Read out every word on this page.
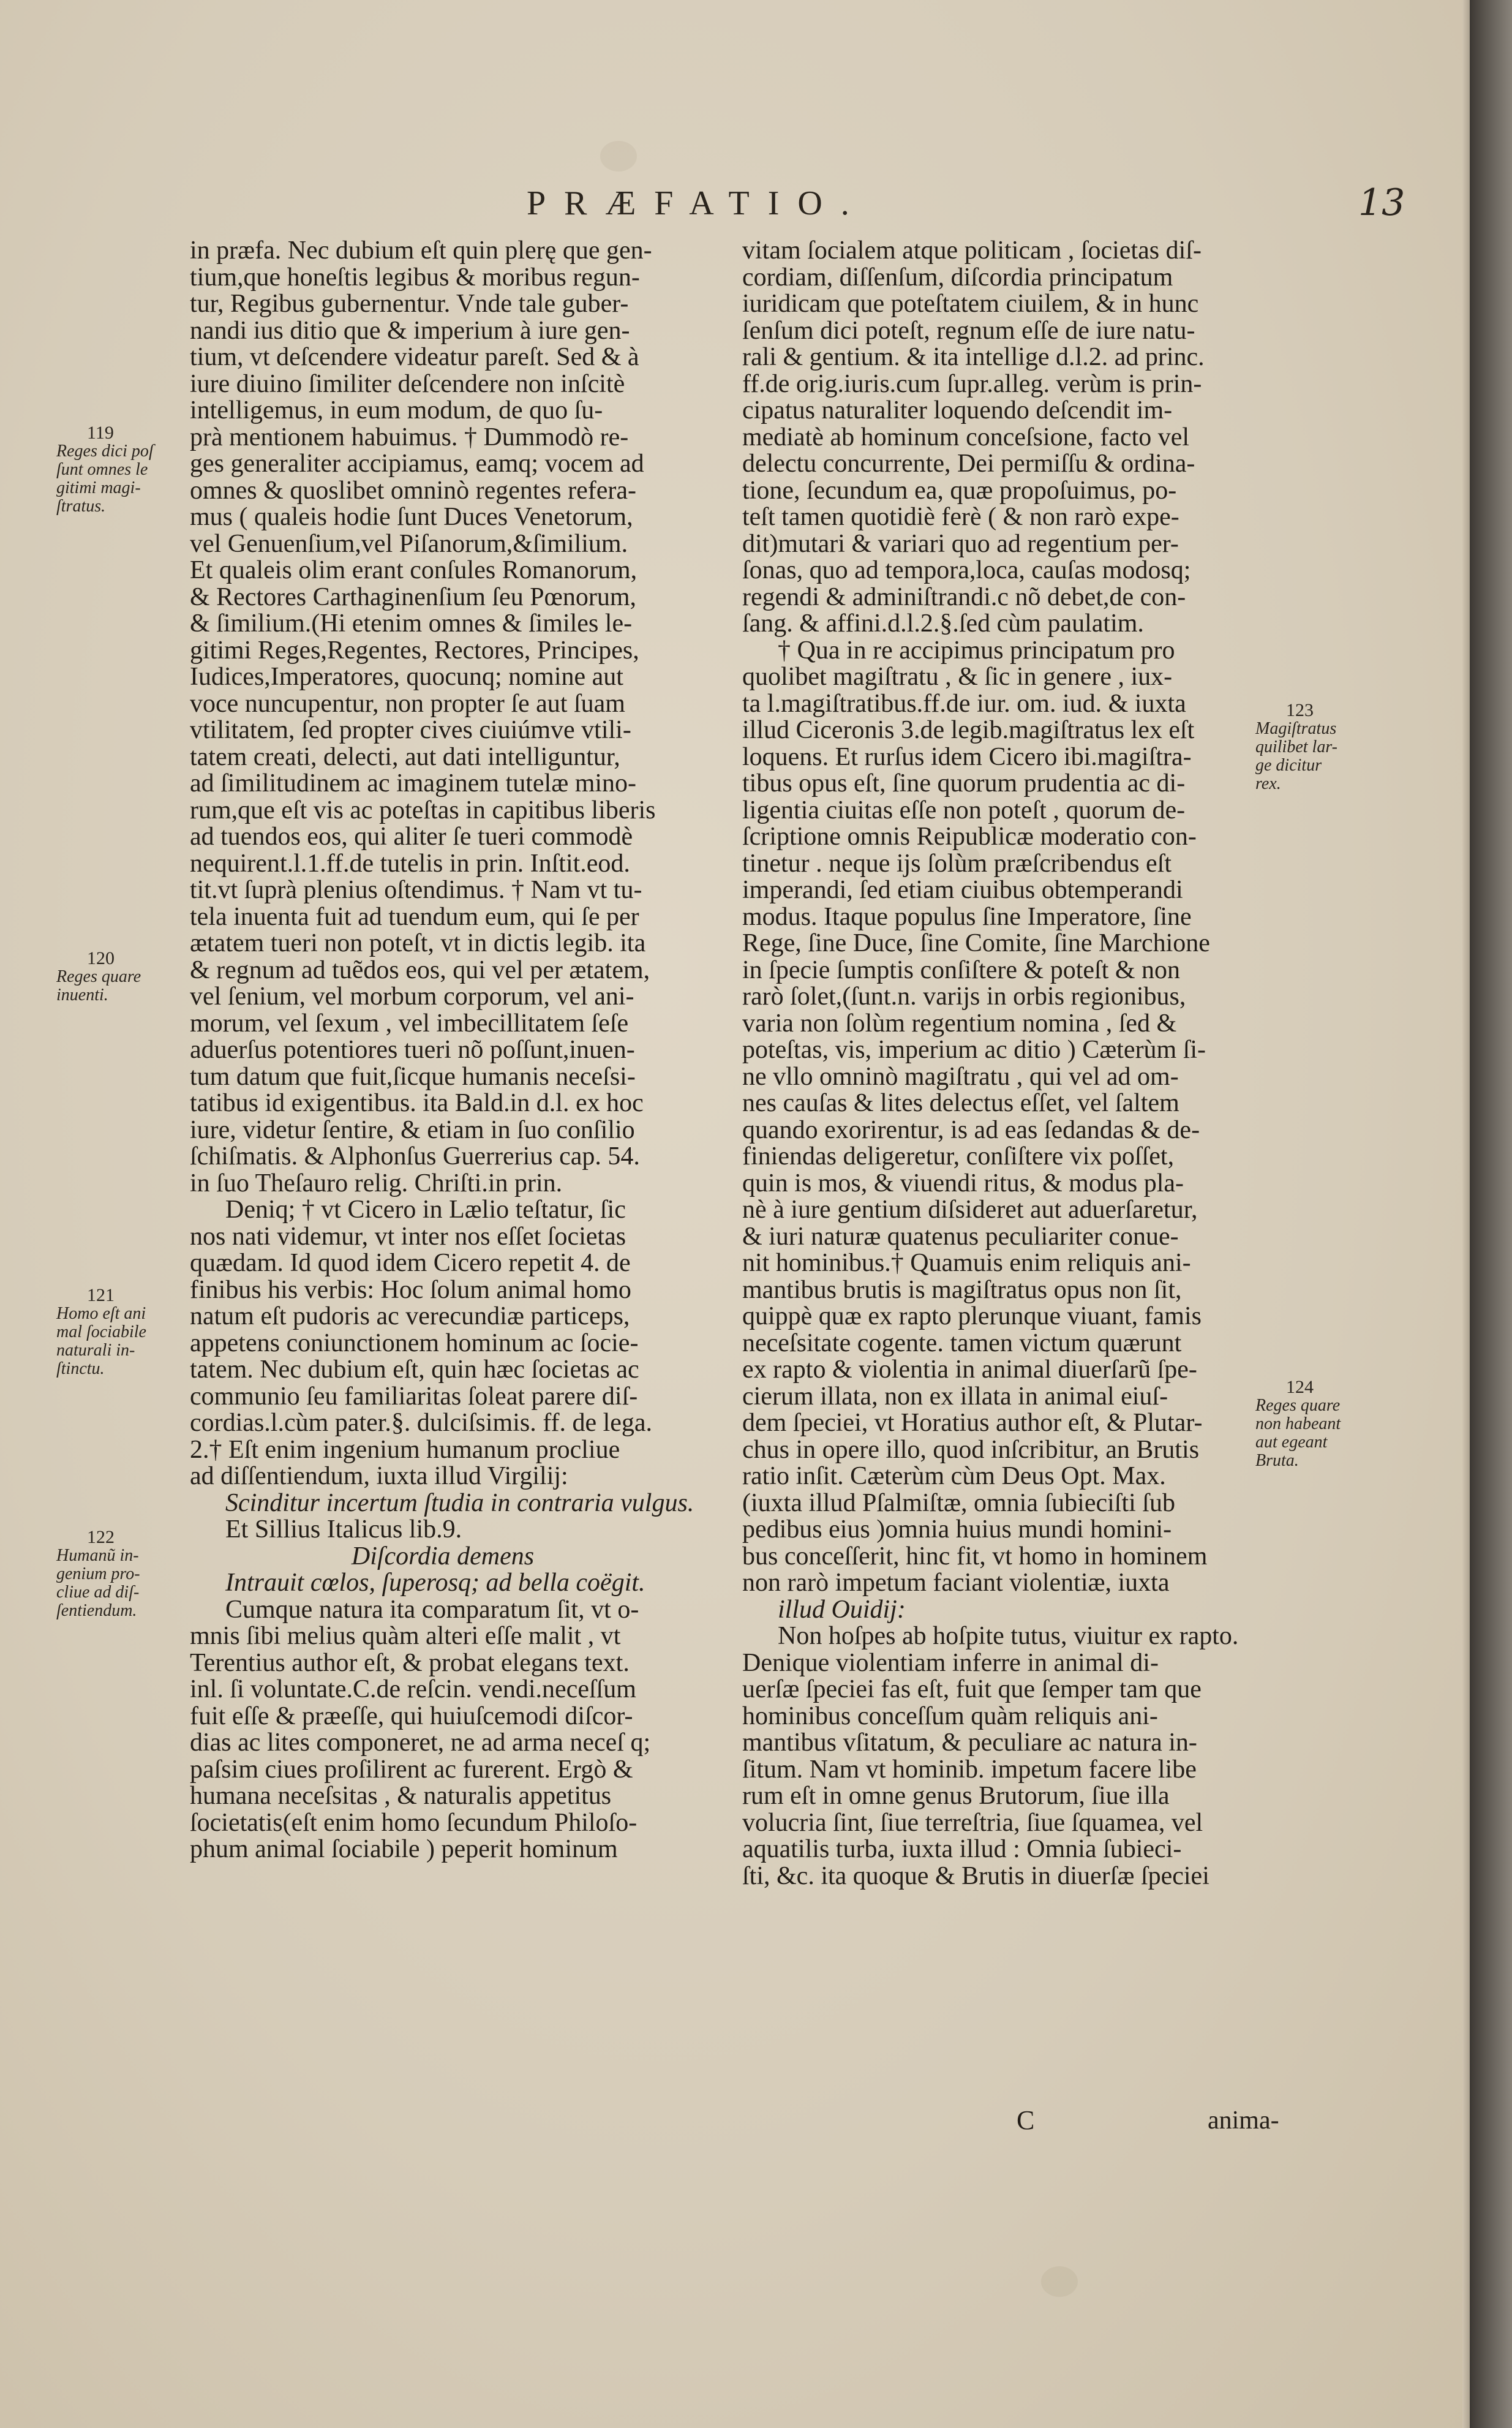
PRÆFATIO.	13
in præfa. Nec dubium eſt quin plerę que gen-
tium,que honeſtis legibus & moribus regun-
tur, Regibus gubernentur. Vnde tale guber-
nandi ius ditio que & imperium à iure gen-
tium, vt deſcendere videatur pareſt. Sed & à
iure diuino ſimiliter deſcendere non inſcitè
intelligemus, in eum modum, de quo ſu-
prà mentionem habuimus. † Dummodò re-
ges generaliter accipiamus, eamq; vocem ad
omnes & quoslibet omninò regentes refera-
mus ( qualeis hodie ſunt Duces Venetorum,
vel Genuenſium,vel Piſanorum,&ſimilium.
Et qualeis olim erant conſules Romanorum,
& Rectores Carthaginenſium ſeu Pœnorum,
& ſimilium.(Hi etenim omnes & ſimiles le-
gitimi Reges,Regentes, Rectores, Principes,
Iudices,Imperatores, quocunq; nomine aut
voce nuncupentur, non propter ſe aut ſuam
vtilitatem, ſed propter cives ciuiúmve vtili-
tatem creati, delecti, aut dati intelliguntur,
ad ſimilitudinem ac imaginem tutelæ mino-
rum,que eſt vis ac poteſtas in capitibus liberis
ad tuendos eos, qui aliter ſe tueri commodè
nequirent.l.1.ff.de tutelis in prin. Inſtit.eod.
tit.vt ſuprà plenius oſtendimus. † Nam vt tu-
tela inuenta fuit ad tuendum eum, qui ſe per
ætatem tueri non poteſt, vt in dictis legib. ita
& regnum ad tuẽdos eos, qui vel per ætatem,
vel ſenium, vel morbum corporum, vel ani-
morum, vel ſexum , vel imbecillitatem ſeſe
aduerſus potentiores tueri nõ poſſunt,inuen-
tum datum que fuit,ſicque humanis neceſsi-
tatibus id exigentibus. ita Bald.in d.l. ex hoc
iure, videtur ſentire, & etiam in ſuo conſilio
ſchiſmatis. & Alphonſus Guerrerius cap. 54.
in ſuo Theſauro relig. Chriſti.in prin.
Deniq; † vt Cicero in Lælio teſtatur, ſic
nos nati videmur, vt inter nos eſſet ſocietas
quædam. Id quod idem Cicero repetit 4. de
finibus his verbis: Hoc ſolum animal homo
natum eſt pudoris ac verecundiæ particeps,
appetens coniunctionem hominum ac ſocie-
tatem. Nec dubium eſt, quin hæc ſocietas ac
communio ſeu familiaritas ſoleat parere diſ-
cordias.l.cùm pater.§. dulciſsimis. ff. de lega.
2.† Eſt enim ingenium humanum procliue
ad diſſentiendum, iuxta illud Virgilij:
Scinditur incertum ſtudia in contraria vulgus.
Et Sillius Italicus lib.9.
Diſcordia demens
Intrauit cœlos, ſuperosq; ad bella coëgit.
Cumque natura ita comparatum ſit, vt o-
mnis ſibi melius quàm alteri eſſe malit , vt
Terentius author eſt, & probat elegans text.
inl. ſi voluntate.C.de reſcin. vendi.neceſſum
fuit eſſe & præeſſe, qui huiuſcemodi diſcor-
dias ac lites componeret, ne ad arma neceſ q;
paſsim ciues proſilirent ac furerent. Ergò &
humana neceſsitas , & naturalis appetitus
ſocietatis(eſt enim homo ſecundum Philoſo-
phum animal ſociabile ) peperit hominum
vitam ſocialem atque politicam , ſocietas diſ-
cordiam, diſſenſum, diſcordia principatum
iuridicam que poteſtatem ciuilem, & in hunc
ſenſum dici poteſt, regnum eſſe de iure natu-
rali & gentium. & ita intellige d.l.2. ad princ.
ff.de orig.iuris.cum ſupr.alleg. verùm is prin-
cipatus naturaliter loquendo deſcendit im-
mediatè ab hominum conceſsione, facto vel
delectu concurrente, Dei permiſſu & ordina-
tione, ſecundum ea, quæ propoſuimus, po-
teſt tamen quotidiè ferè ( & non rarò expe-
dit)mutari & variari quo ad regentium per-
ſonas, quo ad tempora,loca, cauſas modosq;
regendi & adminiſtrandi.c nõ debet,de con-
ſang. & affini.d.l.2.§.ſed cùm paulatim.
† Qua in re accipimus principatum pro
quolibet magiſtratu , & ſic in genere , iux-
ta l.magiſtratibus.ff.de iur. om. iud. & iuxta
illud Ciceronis 3.de legib.magiſtratus lex eſt
loquens. Et rurſus idem Cicero ibi.magiſtra-
tibus opus eſt, ſine quorum prudentia ac di-
ligentia ciuitas eſſe non poteſt , quorum de-
ſcriptione omnis Reipublicæ moderatio con-
tinetur . neque ijs ſolùm præſcribendus eſt
imperandi, ſed etiam ciuibus obtemperandi
modus. Itaque populus ſine Imperatore, ſine
Rege, ſine Duce, ſine Comite, ſine Marchione
in ſpecie ſumptis conſiſtere & poteſt & non
rarò ſolet,(ſunt.n. varijs in orbis regionibus,
varia non ſolùm regentium nomina , ſed &
poteſtas, vis, imperium ac ditio ) Cæterùm ſi-
ne vllo omninò magiſtratu , qui vel ad om-
nes cauſas & lites delectus eſſet, vel ſaltem
quando exorirentur, is ad eas ſedandas & de-
finiendas deligeretur, conſiſtere vix poſſet,
quin is mos, & viuendi ritus, & modus pla-
nè à iure gentium diſsideret aut aduerſaretur,
& iuri naturæ quatenus peculiariter conue-
nit hominibus.† Quamuis enim reliquis ani-
mantibus brutis is magiſtratus opus non ſit,
quippè quæ ex rapto plerunque viuant, famis
neceſsitate cogente. tamen victum quærunt
ex rapto & violentia in animal diuerſarũ ſpe-
cierum illata, non ex illata in animal eiuſ-
dem ſpeciei, vt Horatius author eſt, & Plutar-
chus in opere illo, quod inſcribitur, an Brutis
ratio inſit. Cæterùm cùm Deus Opt. Max.
(iuxta illud Pſalmiſtæ, omnia ſubieciſti ſub
pedibus eius )omnia huius mundi homini-
bus conceſſerit, hinc fit, vt homo in hominem
non rarò impetum faciant violentiæ, iuxta
illud Ouidij:
Non hoſpes ab hoſpite tutus, viuitur ex rapto.
Denique violentiam inferre in animal di-
uerſæ ſpeciei fas eſt, fuit que ſemper tam que
hominibus conceſſum quàm reliquis ani-
mantibus vſitatum, & peculiare ac natura in-
ſitum. Nam vt hominib. impetum facere libe
rum eſt in omne genus Brutorum, ſiue illa
volucria ſint, ſiue terreſtria, ſiue ſquamea, vel
aquatilis turba, iuxta illud : Omnia ſubieci-
ſti, &c. ita quoque & Brutis in diuerſæ ſpeciei
119
Reges dici poſ
ſunt omnes le
gitimi magi-
ſtratus.
120
Reges quare
inuenti.
121
Homo eſt ani
mal ſociabile
naturali in-
ſtinctu.
122
Humanũ in-
genium pro-
cliue ad diſ-
ſentiendum.
123
Magiſtratus
quilibet lar-
ge dicitur
rex.
124
Reges quare
non habeant
aut egeant
Bruta.
C	anima-
